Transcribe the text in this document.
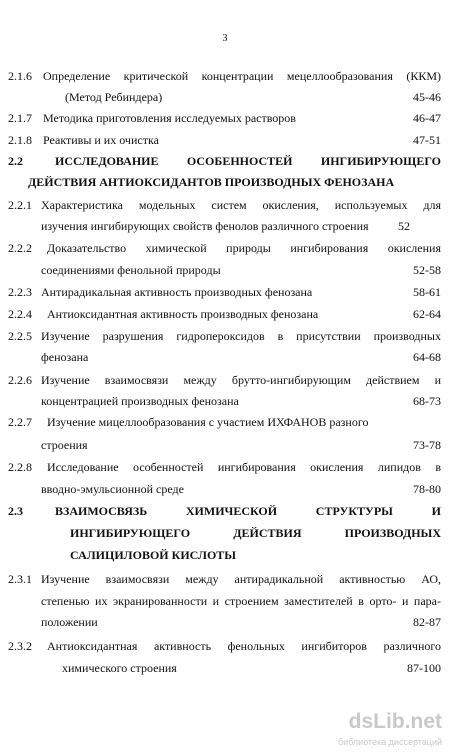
3
2.1.6 Определение критической концентрации мецеллообразования (ККМ)
(Метод Ребиндера)	45-46
2.1.7 Методика приготовления исследуемых растворов	46-47
2.1.8 Реактивы и их очистка	47-51
2.2	ИССЛЕДОВАНИЕ ОСОБЕННОСТЕЙ ИНГИБИРУЮЩЕГО
ДЕЙСТВИЯ АНТИОКСИДАНТОВ ПРОИЗВОДНЫХ ФЕНОЗАНА
2.2.1 Характеристика модельных систем окисления, используемых для
изучения ингибирующих свойств фенолов различного строения 52
2.2.2 Доказательство химической природы ингибирования окисления
соединениями фенольной природы	52-58
2.2.3 Антирадикальная активность производных фенозана	58-61
2.2.4 Антиоксидантная активность производных фенозана	62-64
2.2.5 Изучение разрушения гидропероксидов в присутствии производных
фенозана	64-68
2.2.6 Изучение взаимосвязи между брутто-ингибирующим действием и
концентрацией производных фенозана	68-73
2.2.7 Изучение мицеллообразования с участием ИХФАНОВ разного
строения	73-78
2.2.8 Исследование особенностей ингибирования окисления липидов в
вводно-эмульсионной среде	78-80
2.3	ВЗАИМОСВЯЗЬ ХИМИЧЕСКОЙ СТРУКТУРЫ И
ИНГИБИРУЮЩЕГО ДЕЙСТВИЯ ПРОИЗВОДНЫХ
САЛИЦИЛОВОЙ КИСЛОТЫ
2.3.1 Изучение взаимосвязи между антирадикальной активностью АО,
степенью их экранированности и строением заместителей в орто- и пара-
положении	82-87
2.3.2 Антиоксидантная активность фенольных ингибиторов различного
химического строения	87-100
dsLib.net
библиотека диссертаций
